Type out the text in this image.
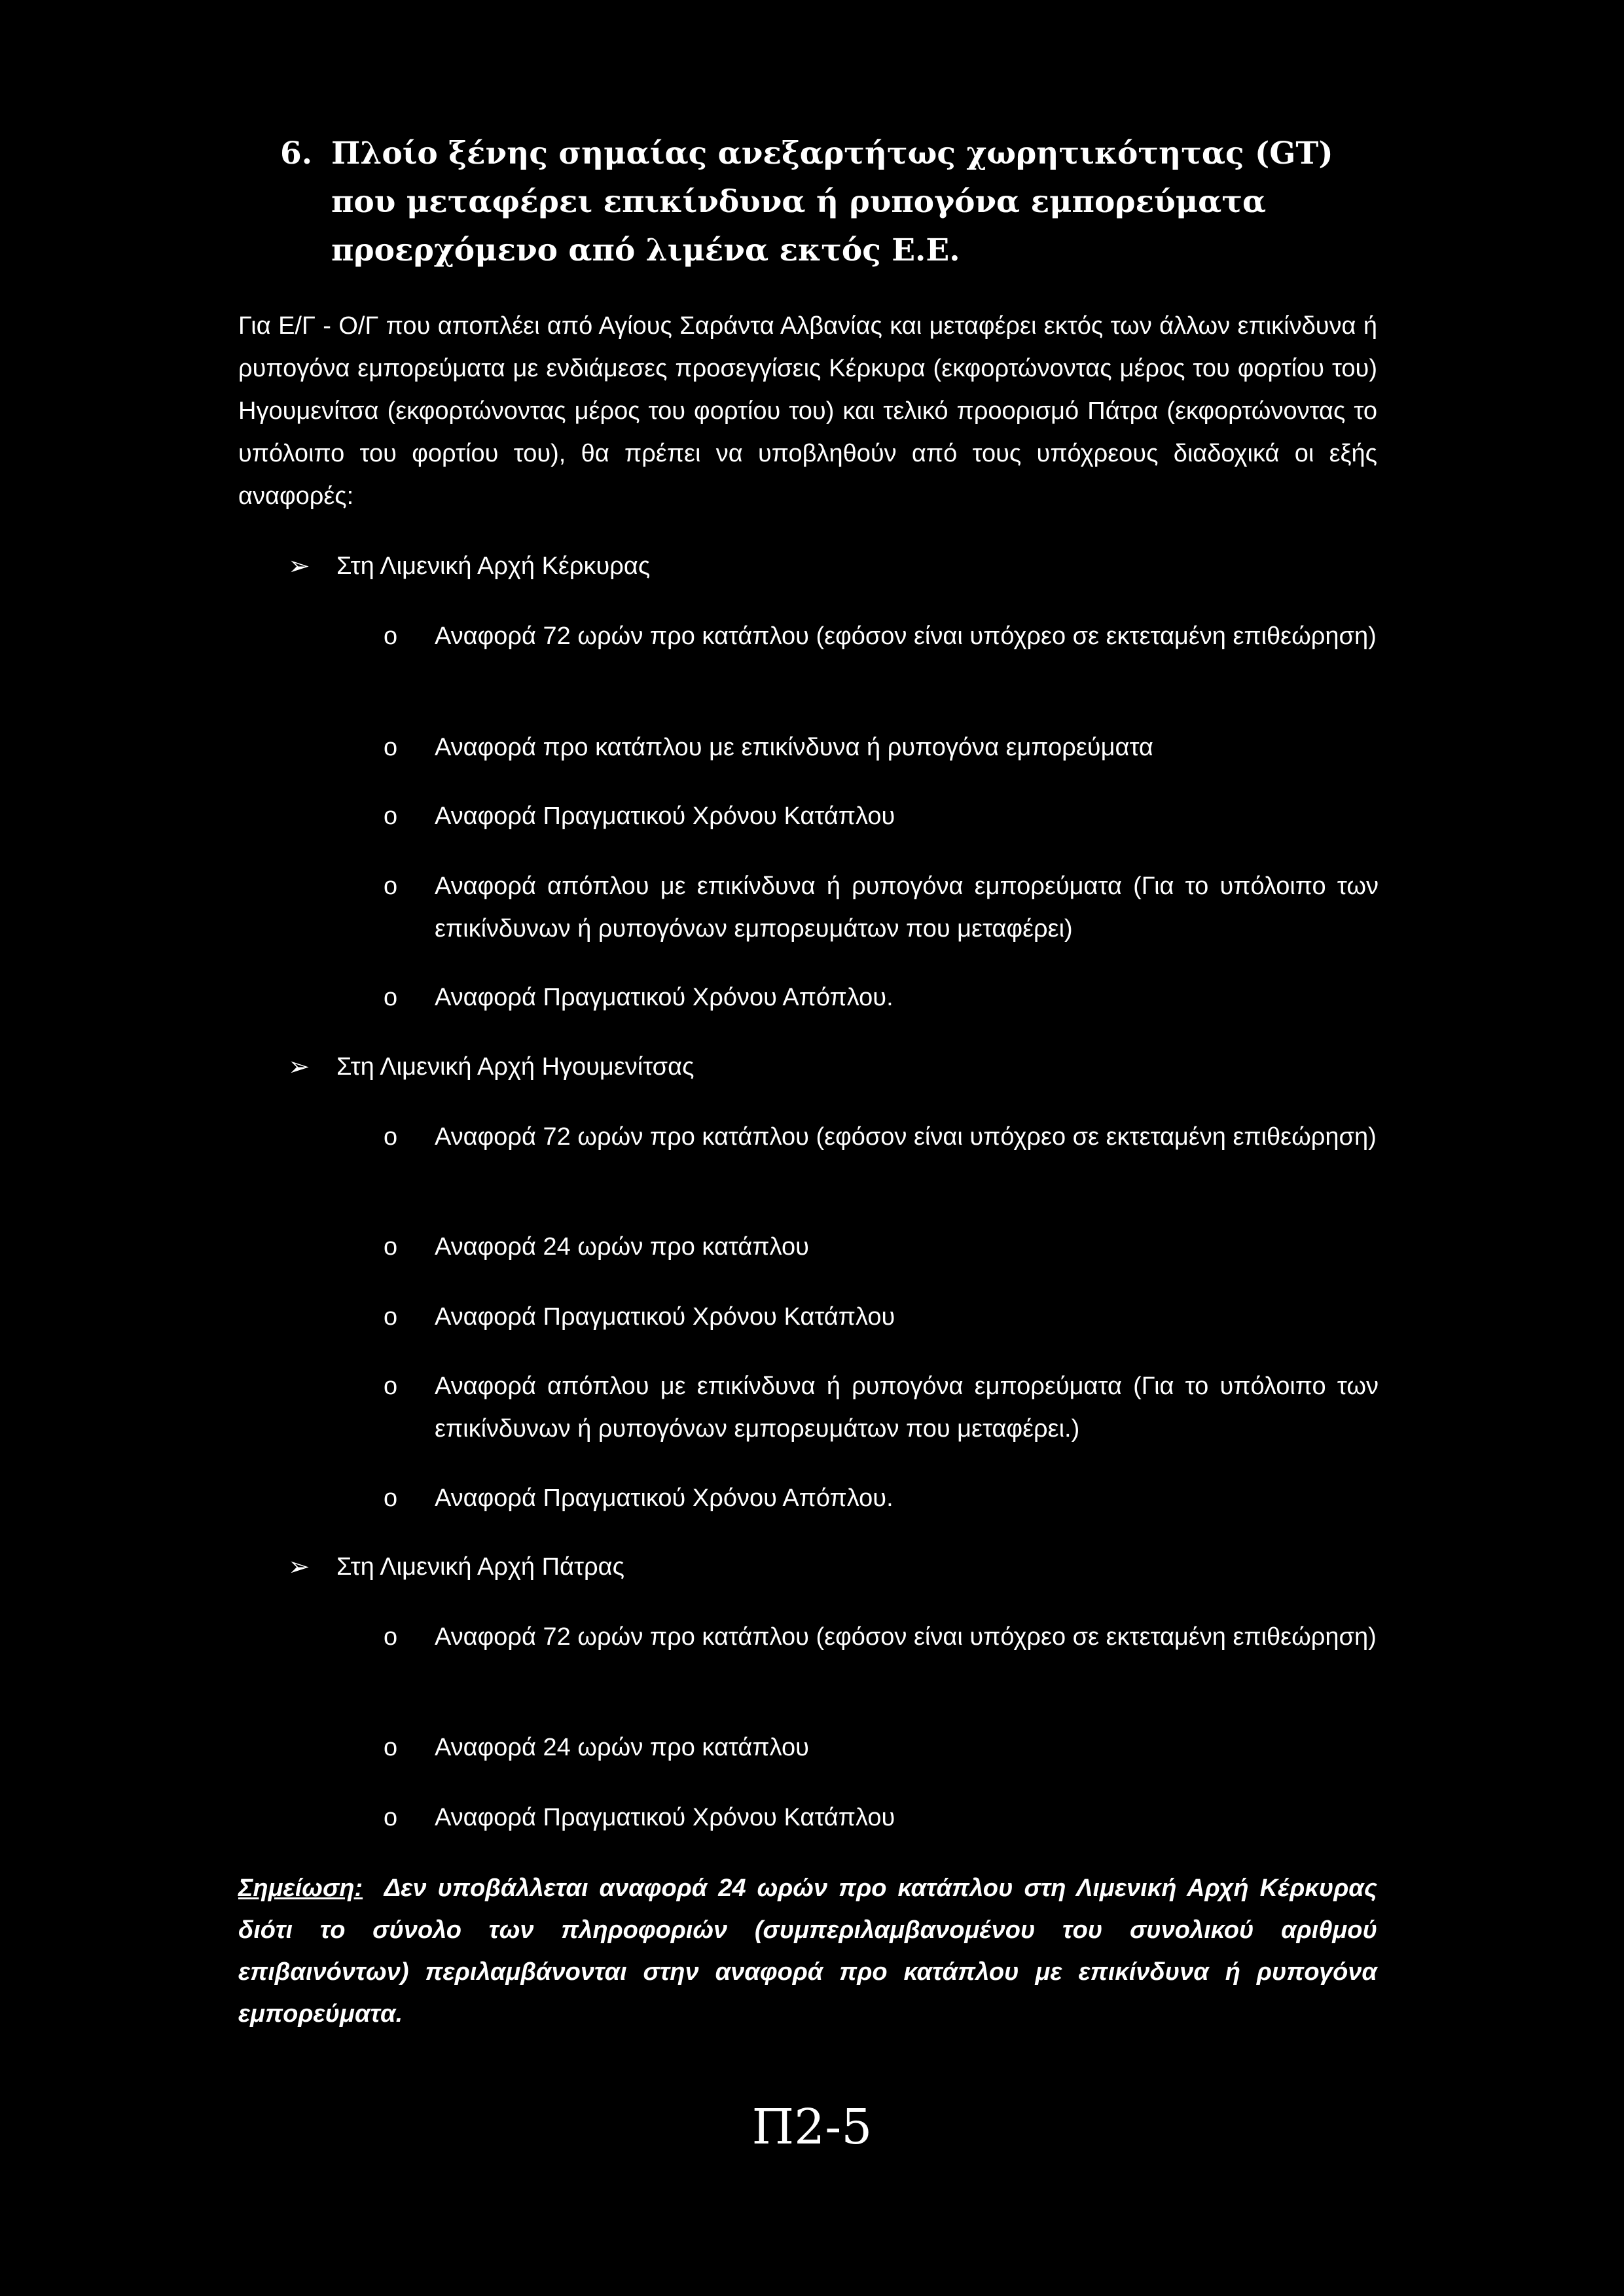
6. Πλοίο ξένης σημαίας ανεξαρτήτως χωρητικότητας (GT) που μεταφέρει επικίνδυνα ή ρυπογόνα εμπορεύματα προερχόμενο από λιμένα εκτός Ε.Ε.
Για Ε/Γ - Ο/Γ που αποπλέει από Αγίους Σαράντα Αλβανίας και μεταφέρει εκτός των άλλων επικίνδυνα ή ρυπογόνα εμπορεύματα με ενδιάμεσες προσεγγίσεις Κέρκυρα (εκφορτώνοντας μέρος του φορτίου του) Ηγουμενίτσα (εκφορτώνοντας μέρος του φορτίου του) και τελικό προορισμό Πάτρα (εκφορτώνοντας το υπόλοιπο του φορτίου του), θα πρέπει να υποβληθούν από τους υπόχρεους διαδοχικά οι εξής αναφορές:
➢	Στη Λιμενική Αρχή Κέρκυρας
o Αναφορά 72 ωρών προ κατάπλου (εφόσον είναι υπόχρεο σε εκτεταμένη επιθεώρηση)
o Αναφορά προ κατάπλου με επικίνδυνα ή ρυπογόνα εμπορεύματα
o Αναφορά Πραγματικού Χρόνου Κατάπλου
o Αναφορά απόπλου με επικίνδυνα ή ρυπογόνα εμπορεύματα (Για το υπόλοιπο των επικίνδυνων ή ρυπογόνων εμπορευμάτων που μεταφέρει)
o Αναφορά Πραγματικού Χρόνου Απόπλου.
➢	Στη Λιμενική Αρχή Ηγουμενίτσας
o Αναφορά 72 ωρών προ κατάπλου (εφόσον είναι υπόχρεο σε εκτεταμένη επιθεώρηση)
o Αναφορά 24 ωρών προ κατάπλου
o Αναφορά Πραγματικού Χρόνου Κατάπλου
o Αναφορά απόπλου με επικίνδυνα ή ρυπογόνα εμπορεύματα (Για το υπόλοιπο των επικίνδυνων ή ρυπογόνων εμπορευμάτων που μεταφέρει.)
o Αναφορά Πραγματικού Χρόνου Απόπλου.
➢	Στη Λιμενική Αρχή Πάτρας
o Αναφορά 72 ωρών προ κατάπλου (εφόσον είναι υπόχρεο σε εκτεταμένη επιθεώρηση)
o Αναφορά 24 ωρών προ κατάπλου
o Αναφορά Πραγματικού Χρόνου Κατάπλου
Σημείωση: Δεν υποβάλλεται αναφορά 24 ωρών προ κατάπλου στη Λιμενική Αρχή Κέρκυρας διότι το σύνολο των πληροφοριών (συμπεριλαμβανομένου του συνολικού αριθμού επιβαινόντων) περιλαμβάνονται στην αναφορά προ κατάπλου με επικίνδυνα ή ρυπογόνα εμπορεύματα.
Π2-5
